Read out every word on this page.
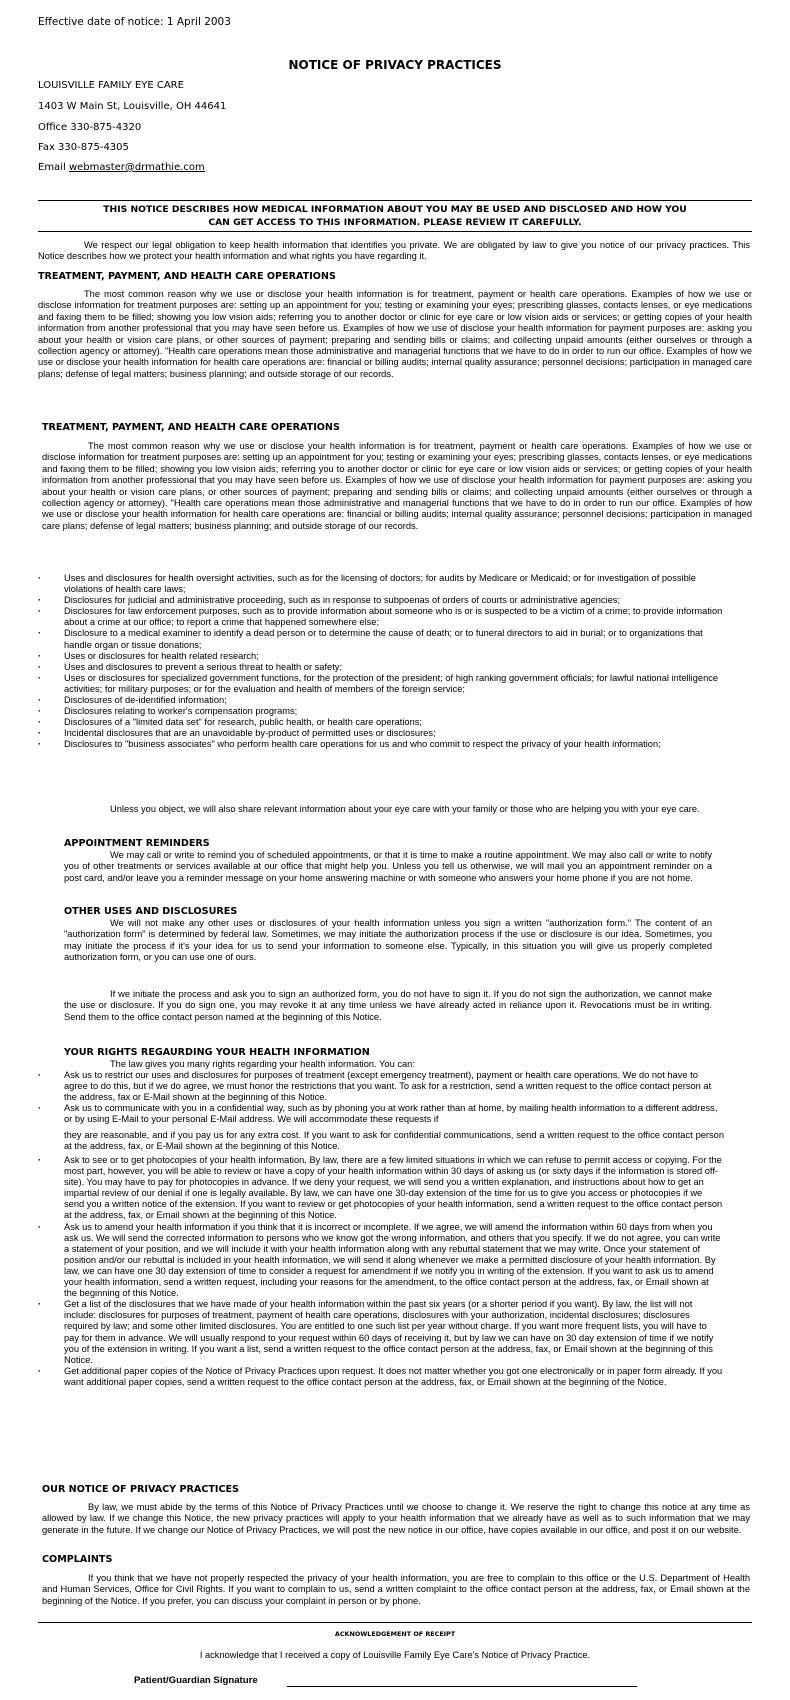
Effective date of notice: 1 April 2003
NOTICE OF PRIVACY PRACTICES
LOUISVILLE FAMILY EYE CARE
1403 W Main St, Louisville, OH 44641
Office 330-875-4320
Fax 330-875-4305
Email webmaster@drmathie.com
THIS NOTICE DESCRIBES HOW MEDICAL INFORMATION ABOUT YOU MAY BE USED AND DISCLOSED AND HOW YOU
CAN GET ACCESS TO THIS INFORMATION. PLEASE REVIEW IT CAREFULLY.

We respect our legal obligation to keep health information that identifies you private. We are obligated by law to give you notice of our privacy practices. This Notice describes how we protect your health information and what rights you have regarding it.

TREATMENT, PAYMENT, AND HEALTH CARE OPERATIONS

The most common reason why we use or disclose your health information is for treatment, payment or health care operations. Examples of how we use or disclose information for treatment purposes are: setting up an appointment for you; testing or examining your eyes; prescribing glasses, contacts lenses, or eye medications and faxing them to be filled; showing you low vision aids; referring you to another doctor or clinic for eye care or low vision aids or services; or getting copies of your health information from another professional that you may have seen before us. Examples of how we use of disclose your health information for payment purposes are: asking you about your health or vision care plans, or other sources of payment; preparing and sending bills or claims; and collecting unpaid amounts (either ourselves or through a collection agency or attorney). "Health care operations mean those administrative and managerial functions that we have to do in order to run our office. Examples of how we use or disclose your health information for health care operations are: financial or billing audits; internal quality assurance; personnel decisions; participation in managed care plans; defense of legal matters; business planning; and outside storage of our records.

TREATMENT, PAYMENT, AND HEALTH CARE OPERATIONS

The most common reason why we use or disclose your health information is for treatment, payment or health care operations. Examples of how we use or disclose information for treatment purposes are: setting up an appointment for you; testing or examining your eyes; prescribing glasses, contacts lenses, or eye medications and faxing them to be filled; showing you low vision aids; referring you to another doctor or clinic for eye care or low vision aids or services; or getting copies of your health information from another professional that you may have seen before us. Examples of how we use of disclose your health information for payment purposes are: asking you about your health or vision care plans, or other sources of payment; preparing and sending bills or claims; and collecting unpaid amounts (either ourselves or through a collection agency or attorney). "Health care operations mean those administrative and managerial functions that we have to do in order to run our office. Examples of how we use or disclose your health information for health care operations are: financial or billing audits; internal quality assurance; personnel decisions; participation in managed care plans; defense of legal matters; business planning; and outside storage of our records.

· Uses and disclosures for health oversight activities, such as for the licensing of doctors; for audits by Medicare or Medicaid; or for investigation of possible violations of health care laws;
· Disclosures for judicial and administrative proceeding, such as in response to subpoenas of orders of courts or administrative agencies;
· Disclosures for law enforcement purposes, such as to provide information about someone who is or is suspected to be a victim of a crime; to provide information about a crime at our office; to report a crime that happened somewhere else;
· Disclosure to a medical examiner to identify a dead person or to determine the cause of death; or to funeral directors to aid in burial; or to organizations that handle organ or tissue donations;
· Uses or disclosures for health related research;
· Uses and disclosures to prevent a serious threat to health or safety;
· Uses or disclosures for specialized government functions, for the protection of the president; of high ranking government officials; for lawful national intelligence activities; for military purposes; or for the evaluation and health of members of the foreign service;
· Disclosures of de-identified information;
· Disclosures relating to worker's compensation programs;
· Disclosures of a "limited data set" for research, public health, or health care operations;
· Incidental disclosures that are an unavoidable by-product of permitted uses or disclosures;
· Disclosures to "business associates" who perform health care operations for us and who commit to respect the privacy of your health information;

Unless you object, we will also share relevant information about your eye care with your family or those who are helping you with your eye care.

APPOINTMENT REMINDERS

We may call or write to remind you of scheduled appointments, or that it is time to make a routine appointment. We may also call or write to notify you of other treatments or services available at our office that might help you. Unless you tell us otherwise, we will mail you an appointment reminder on a post card, and/or leave you a reminder message on your home answering machine or with someone who answers your home phone if you are not home.

OTHER USES AND DISCLOSURES

We will not make any other uses or disclosures of your health information unless you sign a written "authorization form." The content of an "authorization form" is determined by federal law. Sometimes, we may initiate the authorization process if the use or disclosure is our idea. Sometimes, you may initiate the process if it's your idea for us to send your information to someone else. Typically, in this situation you will give us properly completed authorization form, or you can use one of ours.

If we initiate the process and ask you to sign an authorized form, you do not have to sign it. If you do not sign the authorization, we cannot make the use or disclosure. If you do sign one, you may revoke it at any time unless we have already acted in reliance upon it. Revocations must be in writing. Send them to the office contact person named at the beginning of this Notice.

YOUR RIGHTS REGAURDING YOUR HEALTH INFORMATION

The law gives you many rights regarding your health information. You can:

· Ask us to restrict our uses and disclosures for purposes of treatment (except emergency treatment), payment or health care operations. We do not have to agree to do this, but if we do agree, we must honor the restrictions that you want. To ask for a restriction, send a written request to the office contact person at the address, fax or E-Mail shown at the beginning of this Notice.
· Ask us to communicate with you in a confidential way, such as by phoning you at work rather than at home, by mailing health information to a different address, or by using E-Mail to your personal E-Mail address. We will accommodate these requests if

they are reasonable, and if you pay us for any extra cost. If you want to ask for confidential communications, send a written request to the office contact person at the address, fax, or E-Mail shown at the beginning of this Notice.

· Ask to see or to get photocopies of your health information. By law, there are a few limited situations in which we can refuse to permit access or copying. For the most part, however, you will be able to review or have a copy of your health information within 30 days of asking us (or sixty days if the information is stored off-site). You may have to pay for photocopies in advance. If we deny your request, we will send you a written explanation, and instructions about how to get an impartial review of our denial if one is legally available. By law, we can have one 30-day extension of the time for us to give you access or photocopies if we send you a written notice of the extension. If you want to review or get photocopies of your health information, send a written request to the office contact person at the address, fax, or Email shown at the beginning of this Notice.
· Ask us to amend your health information if you think that it is incorrect or incomplete. If we agree, we will amend the information within 60 days from when you ask us. We will send the corrected information to persons who we know got the wrong information, and others that you specify. If we do not agree, you can write a statement of your position, and we will include it with your health information along with any rebuttal statement that we may write. Once your statement of position and/or our rebuttal is included in your health information, we will send it along whenever we make a permitted disclosure of your health information. By law, we can have one 30 day extension of time to consider a request for amendment if we notify you in writing of the extension. If you want to ask us to amend your health information, send a written request, including your reasons for the amendment, to the office contact person at the address, fax, or Email shown at the beginning of this Notice.
· Get a list of the disclosures that we have made of your health information within the past six years (or a shorter period if you want). By law, the list will not include: disclosures for purposes of treatment, payment of health care operations, disclosures with your authorization, incidental disclosures; disclosures required by law; and some other limited disclosures. You are entitled to one such list per year without charge. If you want more frequent lists, you will have to pay for them in advance. We will usually respond to your request within 60 days of receiving it, but by law we can have on 30 day extension of time if we notify you of the extension in writing. If you want a list, send a written request to the office contact person at the address, fax, or Email shown at the beginning of this Notice.
· Get additional paper copies of the Notice of Privacy Practices upon request. It does not matter whether you got one electronically or in paper form already. If you want additional paper copies, send a written request to the office contact person at the address, fax, or Email shown at the beginning of the Notice.
OUR NOTICE OF PRIVACY PRACTICES

By law, we must abide by the terms of this Notice of Privacy Practices until we choose to change it. We reserve the right to change this notice at any time as allowed by law. If we change this Notice, the new privacy practices will apply to your health information that we already have as well as to such information that we may generate in the future. If we change our Notice of Privacy Practices, we will post the new notice in our office, have copies available in our office, and post it on our website.

COMPLAINTS

If you think that we have not properly respected the privacy of your health information, you are free to complain to this office or the U.S. Department of Health and Human Services, Office for Civil Rights. If you want to complain to us, send a written complaint to the office contact person at the address, fax, or Email shown at the beginning of the Notice. If you prefer, you can discuss your complaint in person or by phone.

ACKNOWLEDGEMENT OF RECEIPT

I acknowledge that I received a copy of Louisville Family Eye Care's Notice of Privacy Practice.

Patient/Guardian Signature
